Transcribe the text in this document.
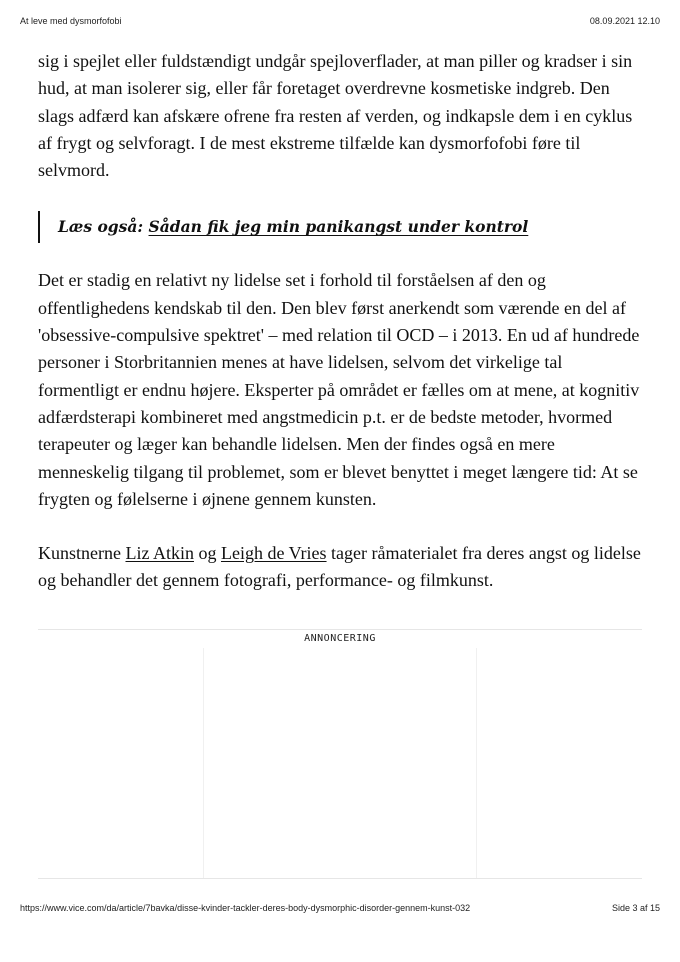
At leve med dysmorfofobi	08.09.2021 12.10

sig i spejlet eller fuldstændigt undgår spejloverflader, at man piller og kradser i sin hud, at man isolerer sig, eller får foretaget overdrevne kosmetiske indgreb. Den slags adfærd kan afskære ofrene fra resten af verden, og indkapsle dem i en cyklus af frygt og selvforagt. I de mest ekstreme tilfælde kan dysmorfofobi føre til selvmord.

Det er stadig en relativt ny lidelse set i forhold til forståelsen af den og offentlighedens kendskab til den. Den blev først anerkendt som værende en del af 'obsessive-compulsive spektret' – med relation til OCD – i 2013. En ud af hundrede personer i Storbritannien menes at have lidelsen, selvom det virkelige tal formentligt er endnu højere. Eksperter på området er fælles om at mene, at kognitiv adfærdsterapi kombineret med angstmedicin p.t. er de bedste metoder, hvormed terapeuter og læger kan behandle lidelsen. Men der findes også en mere menneskelig tilgang til problemet, som er blevet benyttet i meget længere tid: At se frygten og følelserne i øjnene gennem kunsten.

Kunstnerne Liz Atkin og Leigh de Vries tager råmaterialet fra deres angst og lidelse og behandler det gennem fotografi, performance- og filmkunst.

Læs også: Sådan fik jeg min panikangst under kontrol
ANNONCERING
https://www.vice.com/da/article/7bavka/disse-kvinder-tackler-deres-body-dysmorphic-disorder-gennem-kunst-032	Side 3 af 15
